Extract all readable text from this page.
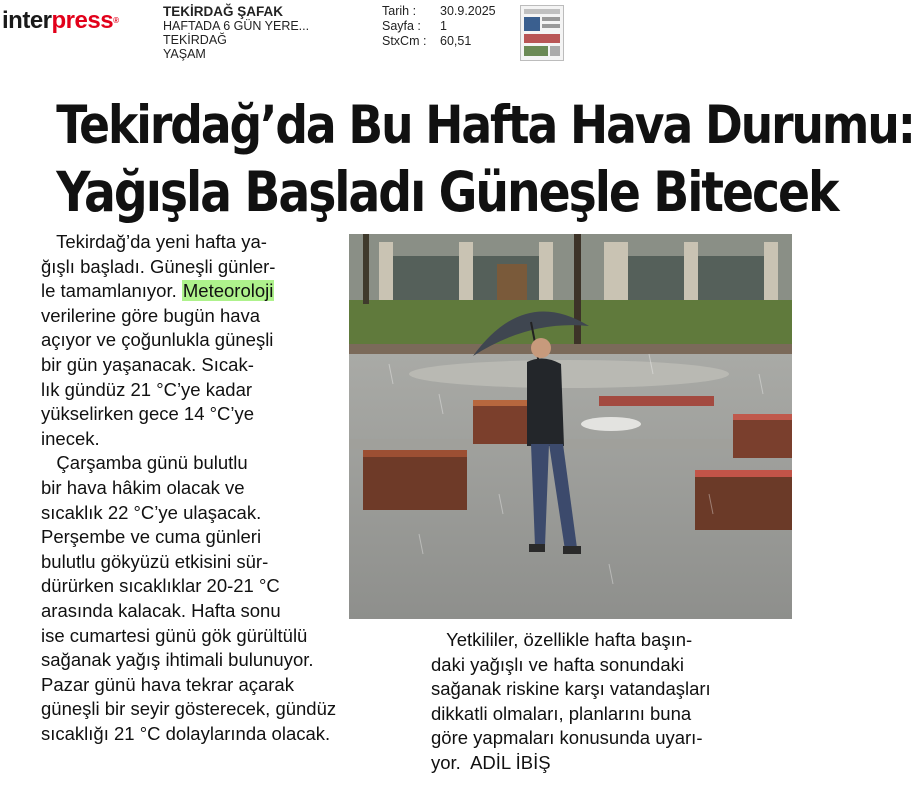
interpress®
TEKİRDAĞ ŞAFAK
HAFTADA 6 GÜN YERE...
TEKİRDAĞ
YAŞAM
Tarih :	30.9.2025
Sayfa :	1
StxCm :	60,51
Tekirdağ’da Bu Hafta Hava Durumu:
Yağışla Başladı Güneşle Bitecek
Tekirdağ’da yeni hafta ya-
ğışlı başladı. Güneşli günler-
le tamamlanıyor. Meteoroloji
verilerine göre bugün hava
açıyor ve çoğunlukla güneşli
bir gün yaşanacak. Sıcak-
lık gündüz 21 °C’ye kadar
yükselirken gece 14 °C’ye
inecek.
Çarşamba günü bulutlu
bir hava hâkim olacak ve
sıcaklık 22 °C’ye ulaşacak.
Perşembe ve cuma günleri
bulutlu gökyüzü etkisini sür-
dürürken sıcaklıklar 20-21 °C
arasında kalacak. Hafta sonu
ise cumartesi günü gök gürültülü
sağanak yağış ihtimali bulunuyor.
Pazar günü hava tekrar açarak
güneşli bir seyir gösterecek, gündüz
sıcaklığı 21 °C dolaylarında olacak.
Yetkililer, özellikle hafta başın-
daki yağışlı ve hafta sonundaki
sağanak riskine karşı vatandaşları
dikkatli olmaları, planlarını buna
göre yapmaları konusunda uyarı-
yor.  ADİL İBİŞ
